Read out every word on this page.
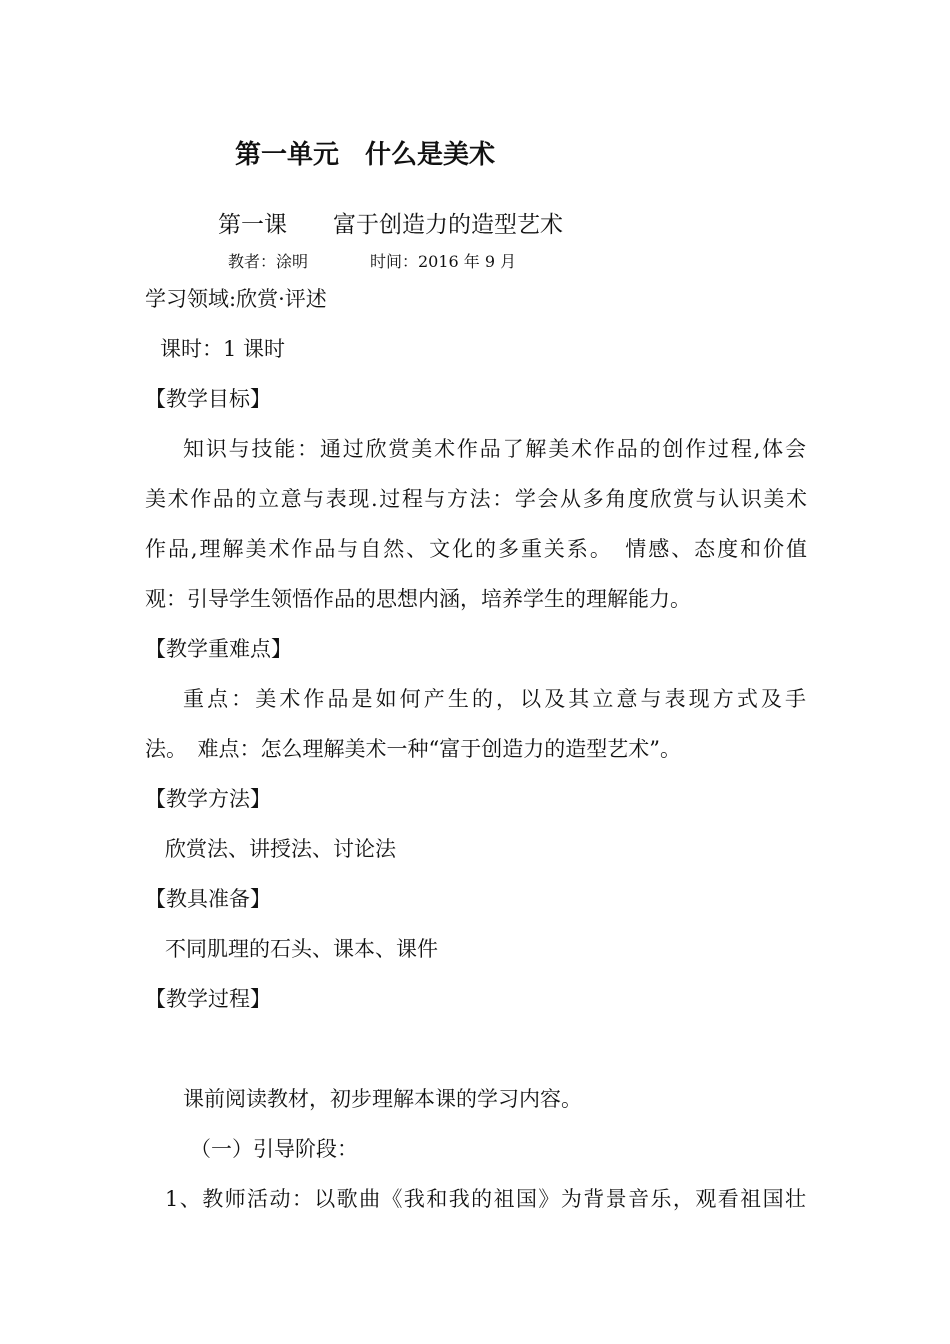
第一单元　什么是美术
第一课　　富于创造力的造型艺术
教者：涂明	时间：2016 年 9 月
学习领域:欣赏·评述
课时：1 课时
【教学目标】
知识与技能：通过欣赏美术作品了解美术作品的创作过程,体会
美术作品的立意与表现.过程与方法：学会从多角度欣赏与认识美术
作品,理解美术作品与自然、文化的多重关系。　情感、态度和价值
观：引导学生领悟作品的思想内涵，培养学生的理解能力。
【教学重难点】
重点：美术作品是如何产生的，以及其立意与表现方式及手
法。　难点：怎么理解美术一种“富于创造力的造型艺术”。
【教学方法】
欣赏法、讲授法、讨论法
【教具准备】
不同肌理的石头、课本、课件
【教学过程】
课前阅读教材，初步理解本课的学习内容。
（一）引导阶段：
1、教师活动：以歌曲《我和我的祖国》为背景音乐，观看祖国壮
